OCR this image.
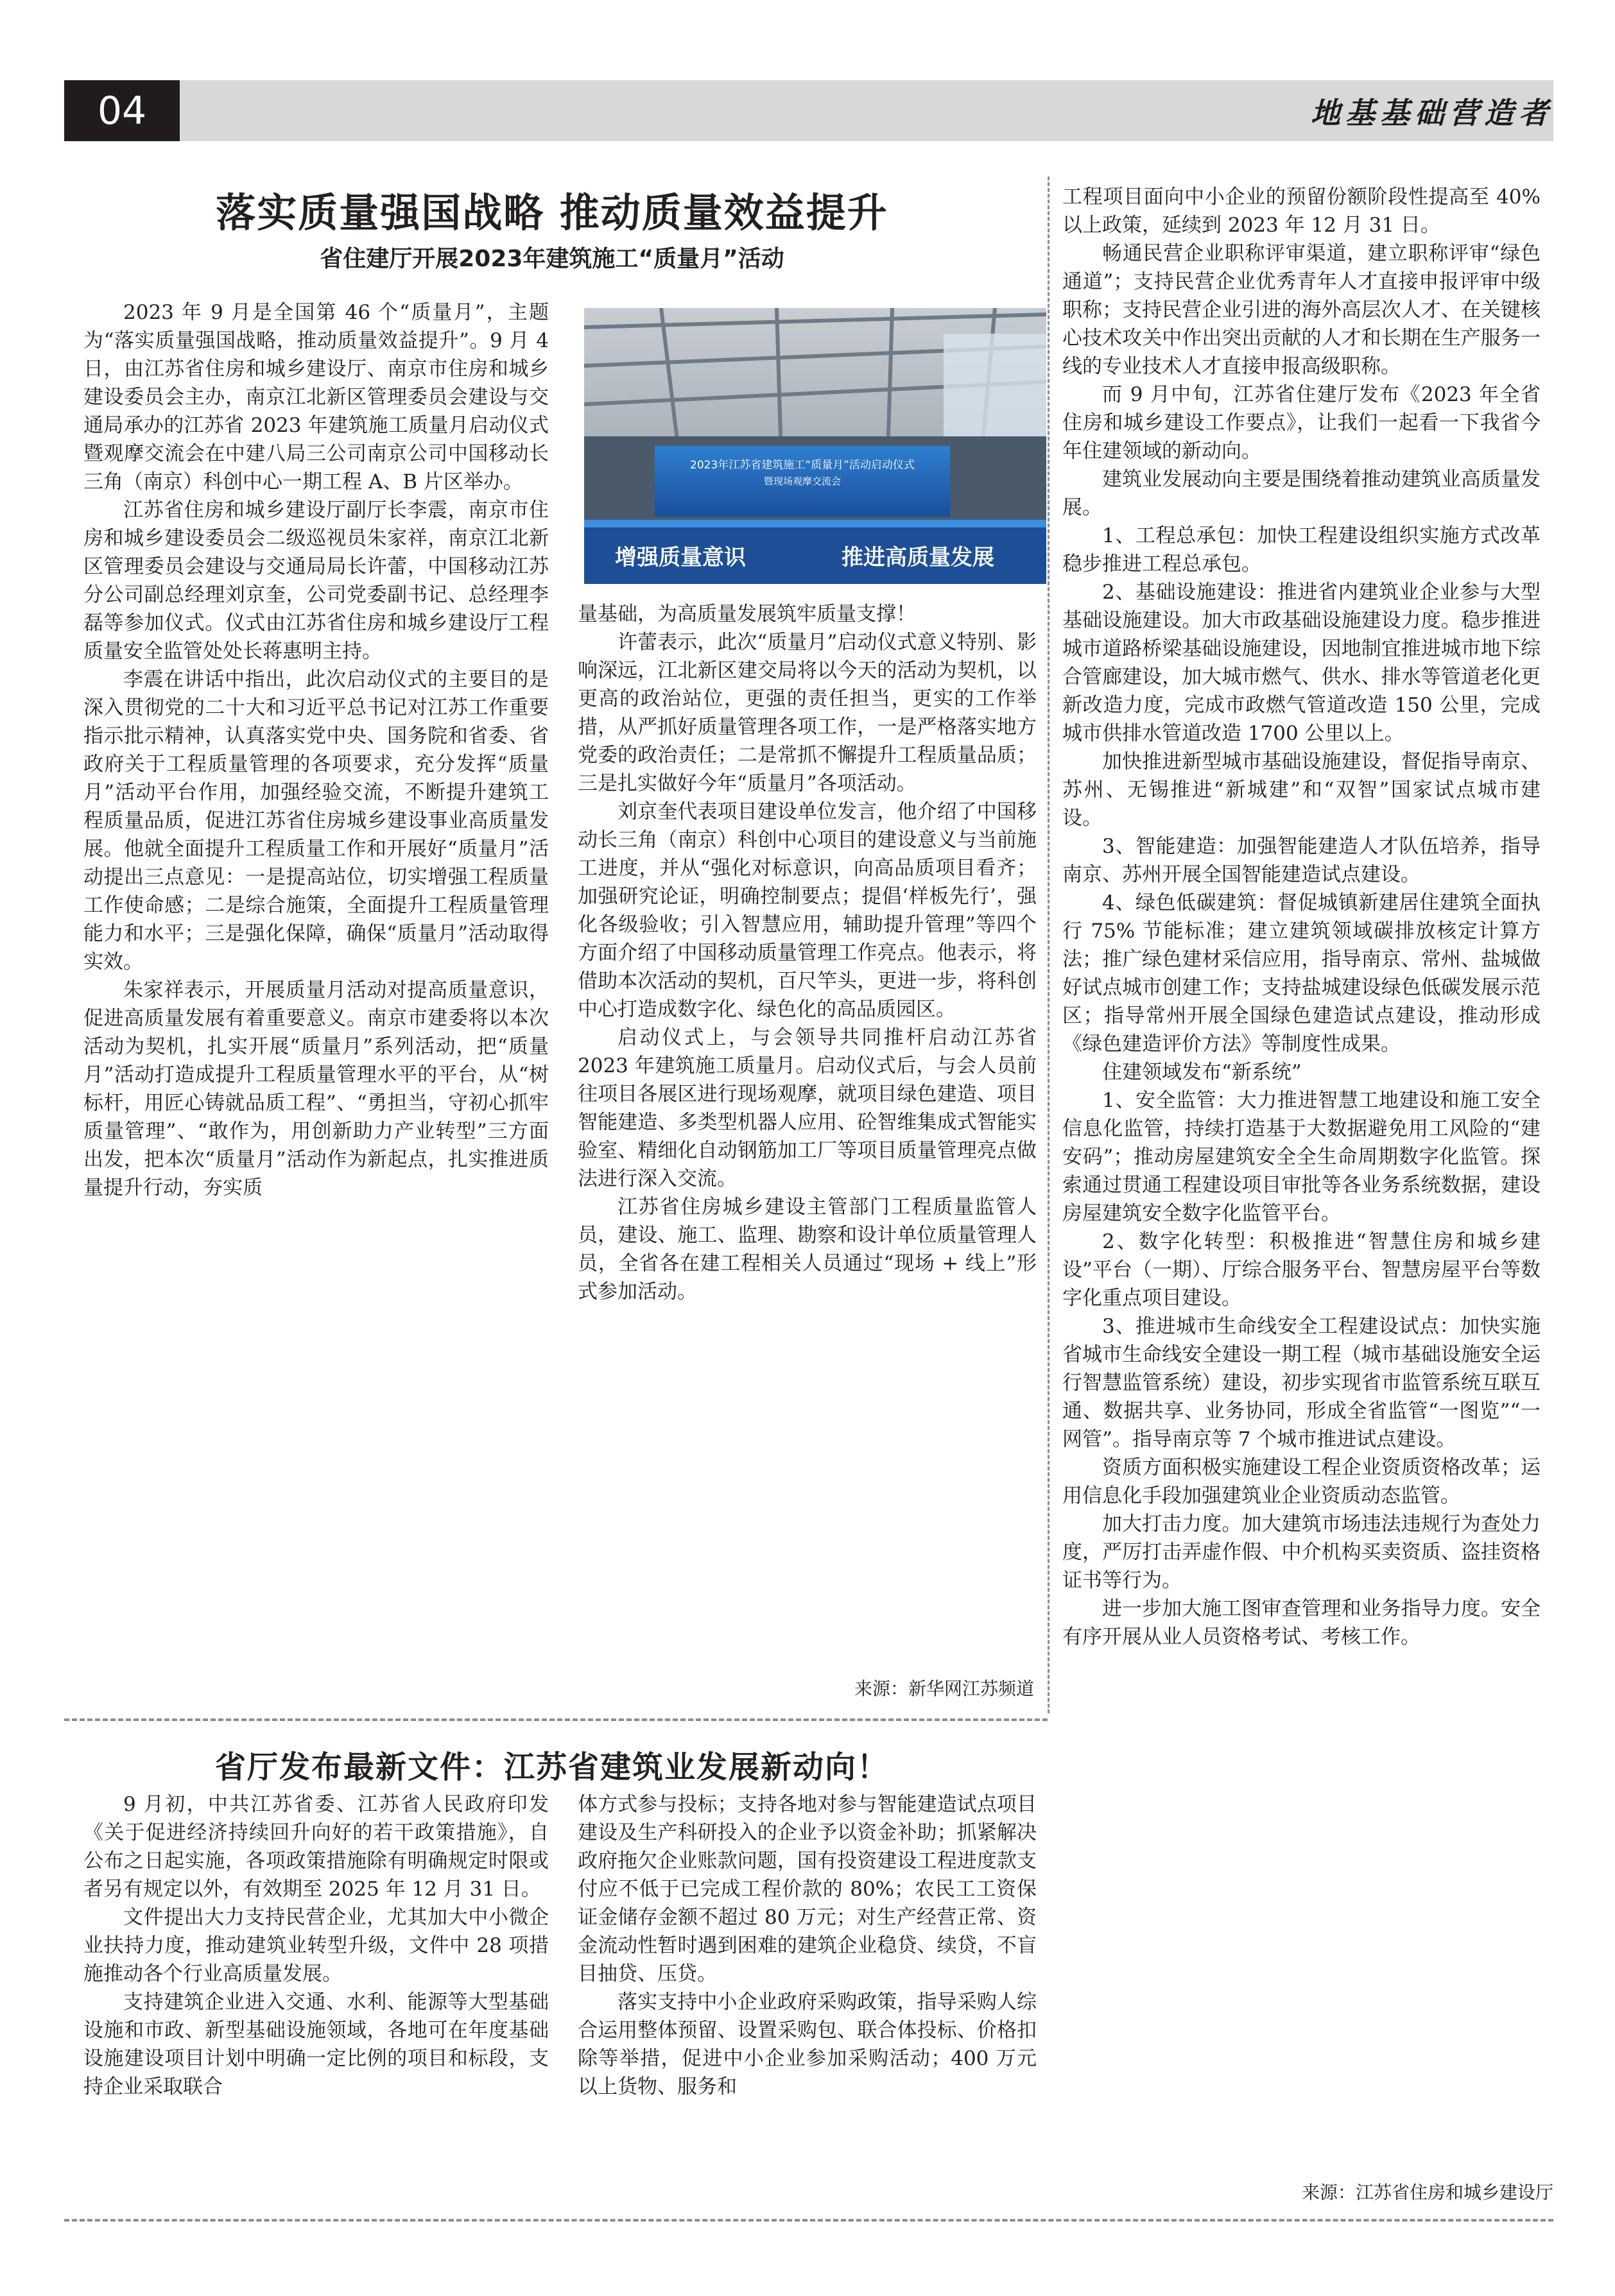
04	地基基础营造者
落实质量强国战略 推动质量效益提升
省住建厅开展2023年建筑施工“质量月”活动
2023年江苏省建筑施工“质量月”活动启动仪式
暨现场观摩交流会
增强质量意识	推进高质量发展

2023 年 9 月是全国第 46 个“质量月”，主题为“落实质量强国战略，推动质量效益提升”。9 月 4 日，由江苏省住房和城乡建设厅、南京市住房和城乡建设委员会主办，南京江北新区管理委员会建设与交通局承办的江苏省 2023 年建筑施工质量月启动仪式暨观摩交流会在中建八局三公司南京公司中国移动长三角（南京）科创中心一期工程 A、B 片区举办。

江苏省住房和城乡建设厅副厅长李震，南京市住房和城乡建设委员会二级巡视员朱家祥，南京江北新区管理委员会建设与交通局局长许蕾，中国移动江苏分公司副总经理刘京奎，公司党委副书记、总经理李磊等参加仪式。仪式由江苏省住房和城乡建设厅工程质量安全监管处处长蒋惠明主持。

李震在讲话中指出，此次启动仪式的主要目的是深入贯彻党的二十大和习近平总书记对江苏工作重要指示批示精神，认真落实党中央、国务院和省委、省政府关于工程质量管理的各项要求，充分发挥“质量月”活动平台作用，加强经验交流，不断提升建筑工程质量品质，促进江苏省住房城乡建设事业高质量发展。他就全面提升工程质量工作和开展好“质量月”活动提出三点意见：一是提高站位，切实增强工程质量工作使命感；二是综合施策，全面提升工程质量管理能力和水平；三是强化保障，确保“质量月”活动取得实效。

朱家祥表示，开展质量月活动对提高质量意识，促进高质量发展有着重要意义。南京市建委将以本次活动为契机，扎实开展“质量月”系列活动，把“质量月”活动打造成提升工程质量管理水平的平台，从“树标杆，用匠心铸就品质工程”、“勇担当，守初心抓牢质量管理”、“敢作为，用创新助力产业转型”三方面出发，把本次“质量月”活动作为新起点，扎实推进质量提升行动，夯实质

量基础，为高质量发展筑牢质量支撑！

许蕾表示，此次“质量月”启动仪式意义特别、影响深远，江北新区建交局将以今天的活动为契机，以更高的政治站位，更强的责任担当，更实的工作举措，从严抓好质量管理各项工作，一是严格落实地方党委的政治责任；二是常抓不懈提升工程质量品质；三是扎实做好今年“质量月”各项活动。

刘京奎代表项目建设单位发言，他介绍了中国移动长三角（南京）科创中心项目的建设意义与当前施工进度，并从“强化对标意识，向高品质项目看齐；加强研究论证，明确控制要点；提倡‘样板先行’，强化各级验收；引入智慧应用，辅助提升管理”等四个方面介绍了中国移动质量管理工作亮点。他表示，将借助本次活动的契机，百尺竿头，更进一步，将科创中心打造成数字化、绿色化的高品质园区。

启动仪式上，与会领导共同推杆启动江苏省 2023 年建筑施工质量月。启动仪式后，与会人员前往项目各展区进行现场观摩，就项目绿色建造、项目智能建造、多类型机器人应用、砼智维集成式智能实验室、精细化自动钢筋加工厂等项目质量管理亮点做法进行深入交流。

江苏省住房城乡建设主管部门工程质量监管人员，建设、施工、监理、勘察和设计单位质量管理人员，全省各在建工程相关人员通过“现场 + 线上”形式参加活动。

来源：新华网江苏频道
省厅发布最新文件：江苏省建筑业发展新动向！

9 月初，中共江苏省委、江苏省人民政府印发《关于促进经济持续回升向好的若干政策措施》，自公布之日起实施，各项政策措施除有明确规定时限或者另有规定以外，有效期至 2025 年 12 月 31 日。

文件提出大力支持民营企业，尤其加大中小微企业扶持力度，推动建筑业转型升级，文件中 28 项措施推动各个行业高质量发展。

支持建筑企业进入交通、水利、能源等大型基础设施和市政、新型基础设施领域，各地可在年度基础设施建设项目计划中明确一定比例的项目和标段，支持企业采取联合

体方式参与投标；支持各地对参与智能建造试点项目建设及生产科研投入的企业予以资金补助；抓紧解决政府拖欠企业账款问题，国有投资建设工程进度款支付应不低于已完成工程价款的 80%；农民工工资保证金储存金额不超过 80 万元；对生产经营正常、资金流动性暂时遇到困难的建筑企业稳贷、续贷，不盲目抽贷、压贷。

落实支持中小企业政府采购政策，指导采购人综合运用整体预留、设置采购包、联合体投标、价格扣除等举措，促进中小企业参加采购活动；400 万元以上货物、服务和

工程项目面向中小企业的预留份额阶段性提高至 40% 以上政策，延续到 2023 年 12 月 31 日。

畅通民营企业职称评审渠道，建立职称评审“绿色通道”；支持民营企业优秀青年人才直接申报评审中级职称；支持民营企业引进的海外高层次人才、在关键核心技术攻关中作出突出贡献的人才和长期在生产服务一线的专业技术人才直接申报高级职称。

而 9 月中旬，江苏省住建厅发布《2023 年全省住房和城乡建设工作要点》，让我们一起看一下我省今年住建领域的新动向。

建筑业发展动向主要是围绕着推动建筑业高质量发展。

1、工程总承包：加快工程建设组织实施方式改革稳步推进工程总承包。

2、基础设施建设：推进省内建筑业企业参与大型基础设施建设。加大市政基础设施建设力度。稳步推进城市道路桥梁基础设施建设，因地制宜推进城市地下综合管廊建设，加大城市燃气、供水、排水等管道老化更新改造力度，完成市政燃气管道改造 150 公里，完成城市供排水管道改造 1700 公里以上。

加快推进新型城市基础设施建设，督促指导南京、苏州、无锡推进“新城建”和“双智”国家试点城市建设。

3、智能建造：加强智能建造人才队伍培养，指导南京、苏州开展全国智能建造试点建设。

4、绿色低碳建筑：督促城镇新建居住建筑全面执行 75% 节能标准；建立建筑领域碳排放核定计算方法；推广绿色建材采信应用，指导南京、常州、盐城做好试点城市创建工作；支持盐城建设绿色低碳发展示范区；指导常州开展全国绿色建造试点建设，推动形成《绿色建造评价方法》等制度性成果。

住建领域发布“新系统”

1、安全监管：大力推进智慧工地建设和施工安全信息化监管，持续打造基于大数据避免用工风险的“建安码”；推动房屋建筑安全全生命周期数字化监管。探索通过贯通工程建设项目审批等各业务系统数据，建设房屋建筑安全数字化监管平台。

2、数字化转型：积极推进“智慧住房和城乡建设”平台（一期）、厅综合服务平台、智慧房屋平台等数字化重点项目建设。

3、推进城市生命线安全工程建设试点：加快实施省城市生命线安全建设一期工程（城市基础设施安全运行智慧监管系统）建设，初步实现省市监管系统互联互通、数据共享、业务协同，形成全省监管“一图览”“一网管”。指导南京等 7 个城市推进试点建设。

资质方面积极实施建设工程企业资质资格改革；运用信息化手段加强建筑业企业资质动态监管。

加大打击力度。加大建筑市场违法违规行为查处力度，严厉打击弄虚作假、中介机构买卖资质、盗挂资格证书等行为。

进一步加大施工图审查管理和业务指导力度。安全有序开展从业人员资格考试、考核工作。

来源：江苏省住房和城乡建设厅
